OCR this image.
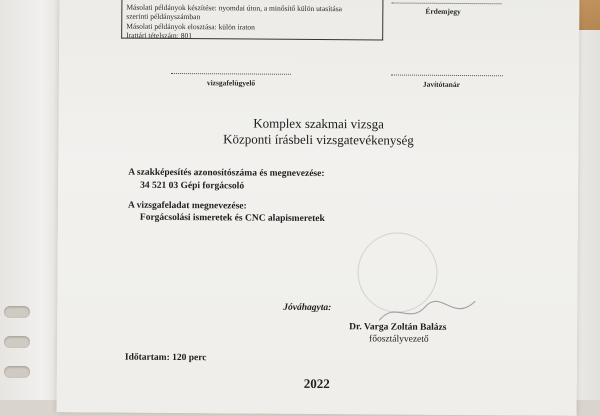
Másolati példányok készítése: nyomdai úton, a minősítő külön utasítása
szerinti példányszámban
Másolati példányok elosztása: külön iraton
Irattári tételszám: 801
Érdemjegy
vizsgafelügyelő	Javítótanár
Komplex szakmai vizsga
Központi írásbeli vizsgatevékenység
A szakképesítés azonosítószáma és megnevezése:
34 521 03 Gépi forgácsoló
A vizsgafeladat megnevezése:
Forgácsolási ismeretek és CNC alapismeretek
Jóváhagyta:
Dr. Varga Zoltán Balázs
főosztályvezető
Időtartam: 120 perc
2022
